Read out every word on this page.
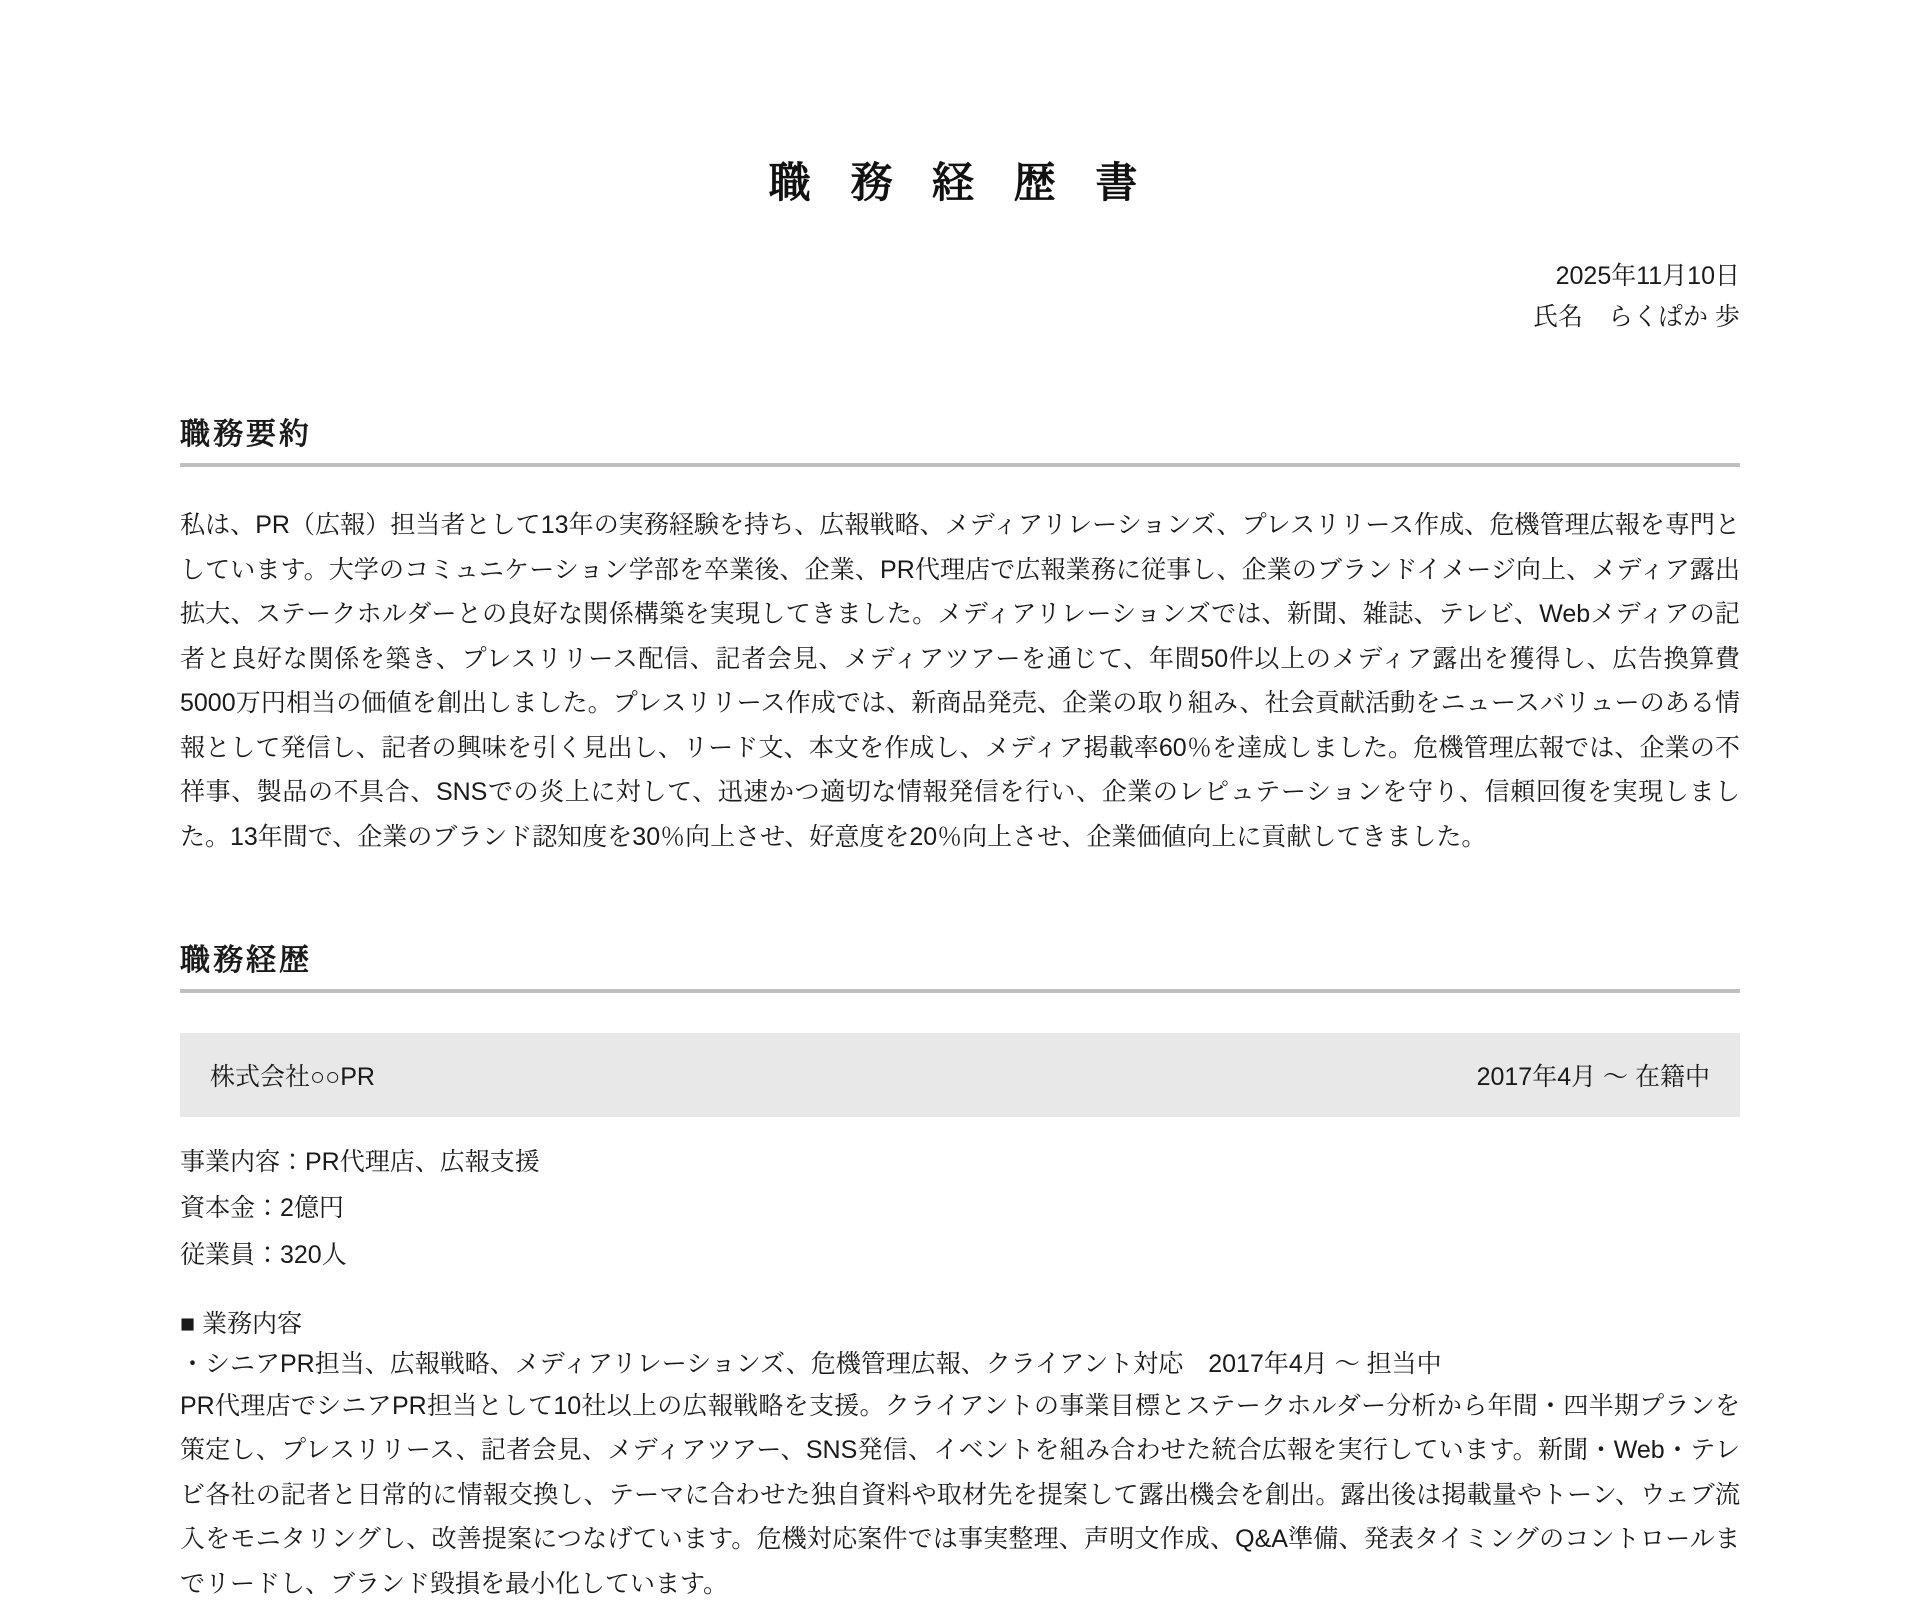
職 務 経 歴 書
2025年11月10日
氏名　らくぱか 歩
職務要約

私は、PR（広報）担当者として13年の実務経験を持ち、広報戦略、メディアリレーションズ、プレスリリース作成、危機管理広報を専門としています。大学のコミュニケーション学部を卒業後、企業、PR代理店で広報業務に従事し、企業のブランドイメージ向上、メディア露出拡大、ステークホルダーとの良好な関係構築を実現してきました。メディアリレーションズでは、新聞、雑誌、テレビ、Webメディアの記者と良好な関係を築き、プレスリリース配信、記者会見、メディアツアーを通じて、年間50件以上のメディア露出を獲得し、広告換算費5000万円相当の価値を創出しました。プレスリリース作成では、新商品発売、企業の取り組み、社会貢献活動をニュースバリューのある情報として発信し、記者の興味を引く見出し、リード文、本文を作成し、メディア掲載率60％を達成しました。危機管理広報では、企業の不祥事、製品の不具合、SNSでの炎上に対して、迅速かつ適切な情報発信を行い、企業のレピュテーションを守り、信頼回復を実現しました。13年間で、企業のブランド認知度を30％向上させ、好意度を20％向上させ、企業価値向上に貢献してきました。

職務経歴
株式会社○○PR	2017年4月 〜 在籍中
事業内容：PR代理店、広報支援
資本金：2億円
従業員：320人
■ 業務内容
・シニアPR担当、広報戦略、メディアリレーションズ、危機管理広報、クライアント対応　2017年4月 〜 担当中

PR代理店でシニアPR担当として10社以上の広報戦略を支援。クライアントの事業目標とステークホルダー分析から年間・四半期プランを策定し、プレスリリース、記者会見、メディアツアー、SNS発信、イベントを組み合わせた統合広報を実行しています。新聞・Web・テレビ各社の記者と日常的に情報交換し、テーマに合わせた独自資料や取材先を提案して露出機会を創出。露出後は掲載量やトーン、ウェブ流入をモニタリングし、改善提案につなげています。危機対応案件では事実整理、声明文作成、Q&A準備、発表タイミングのコントロールまでリードし、ブランド毀損を最小化しています。
